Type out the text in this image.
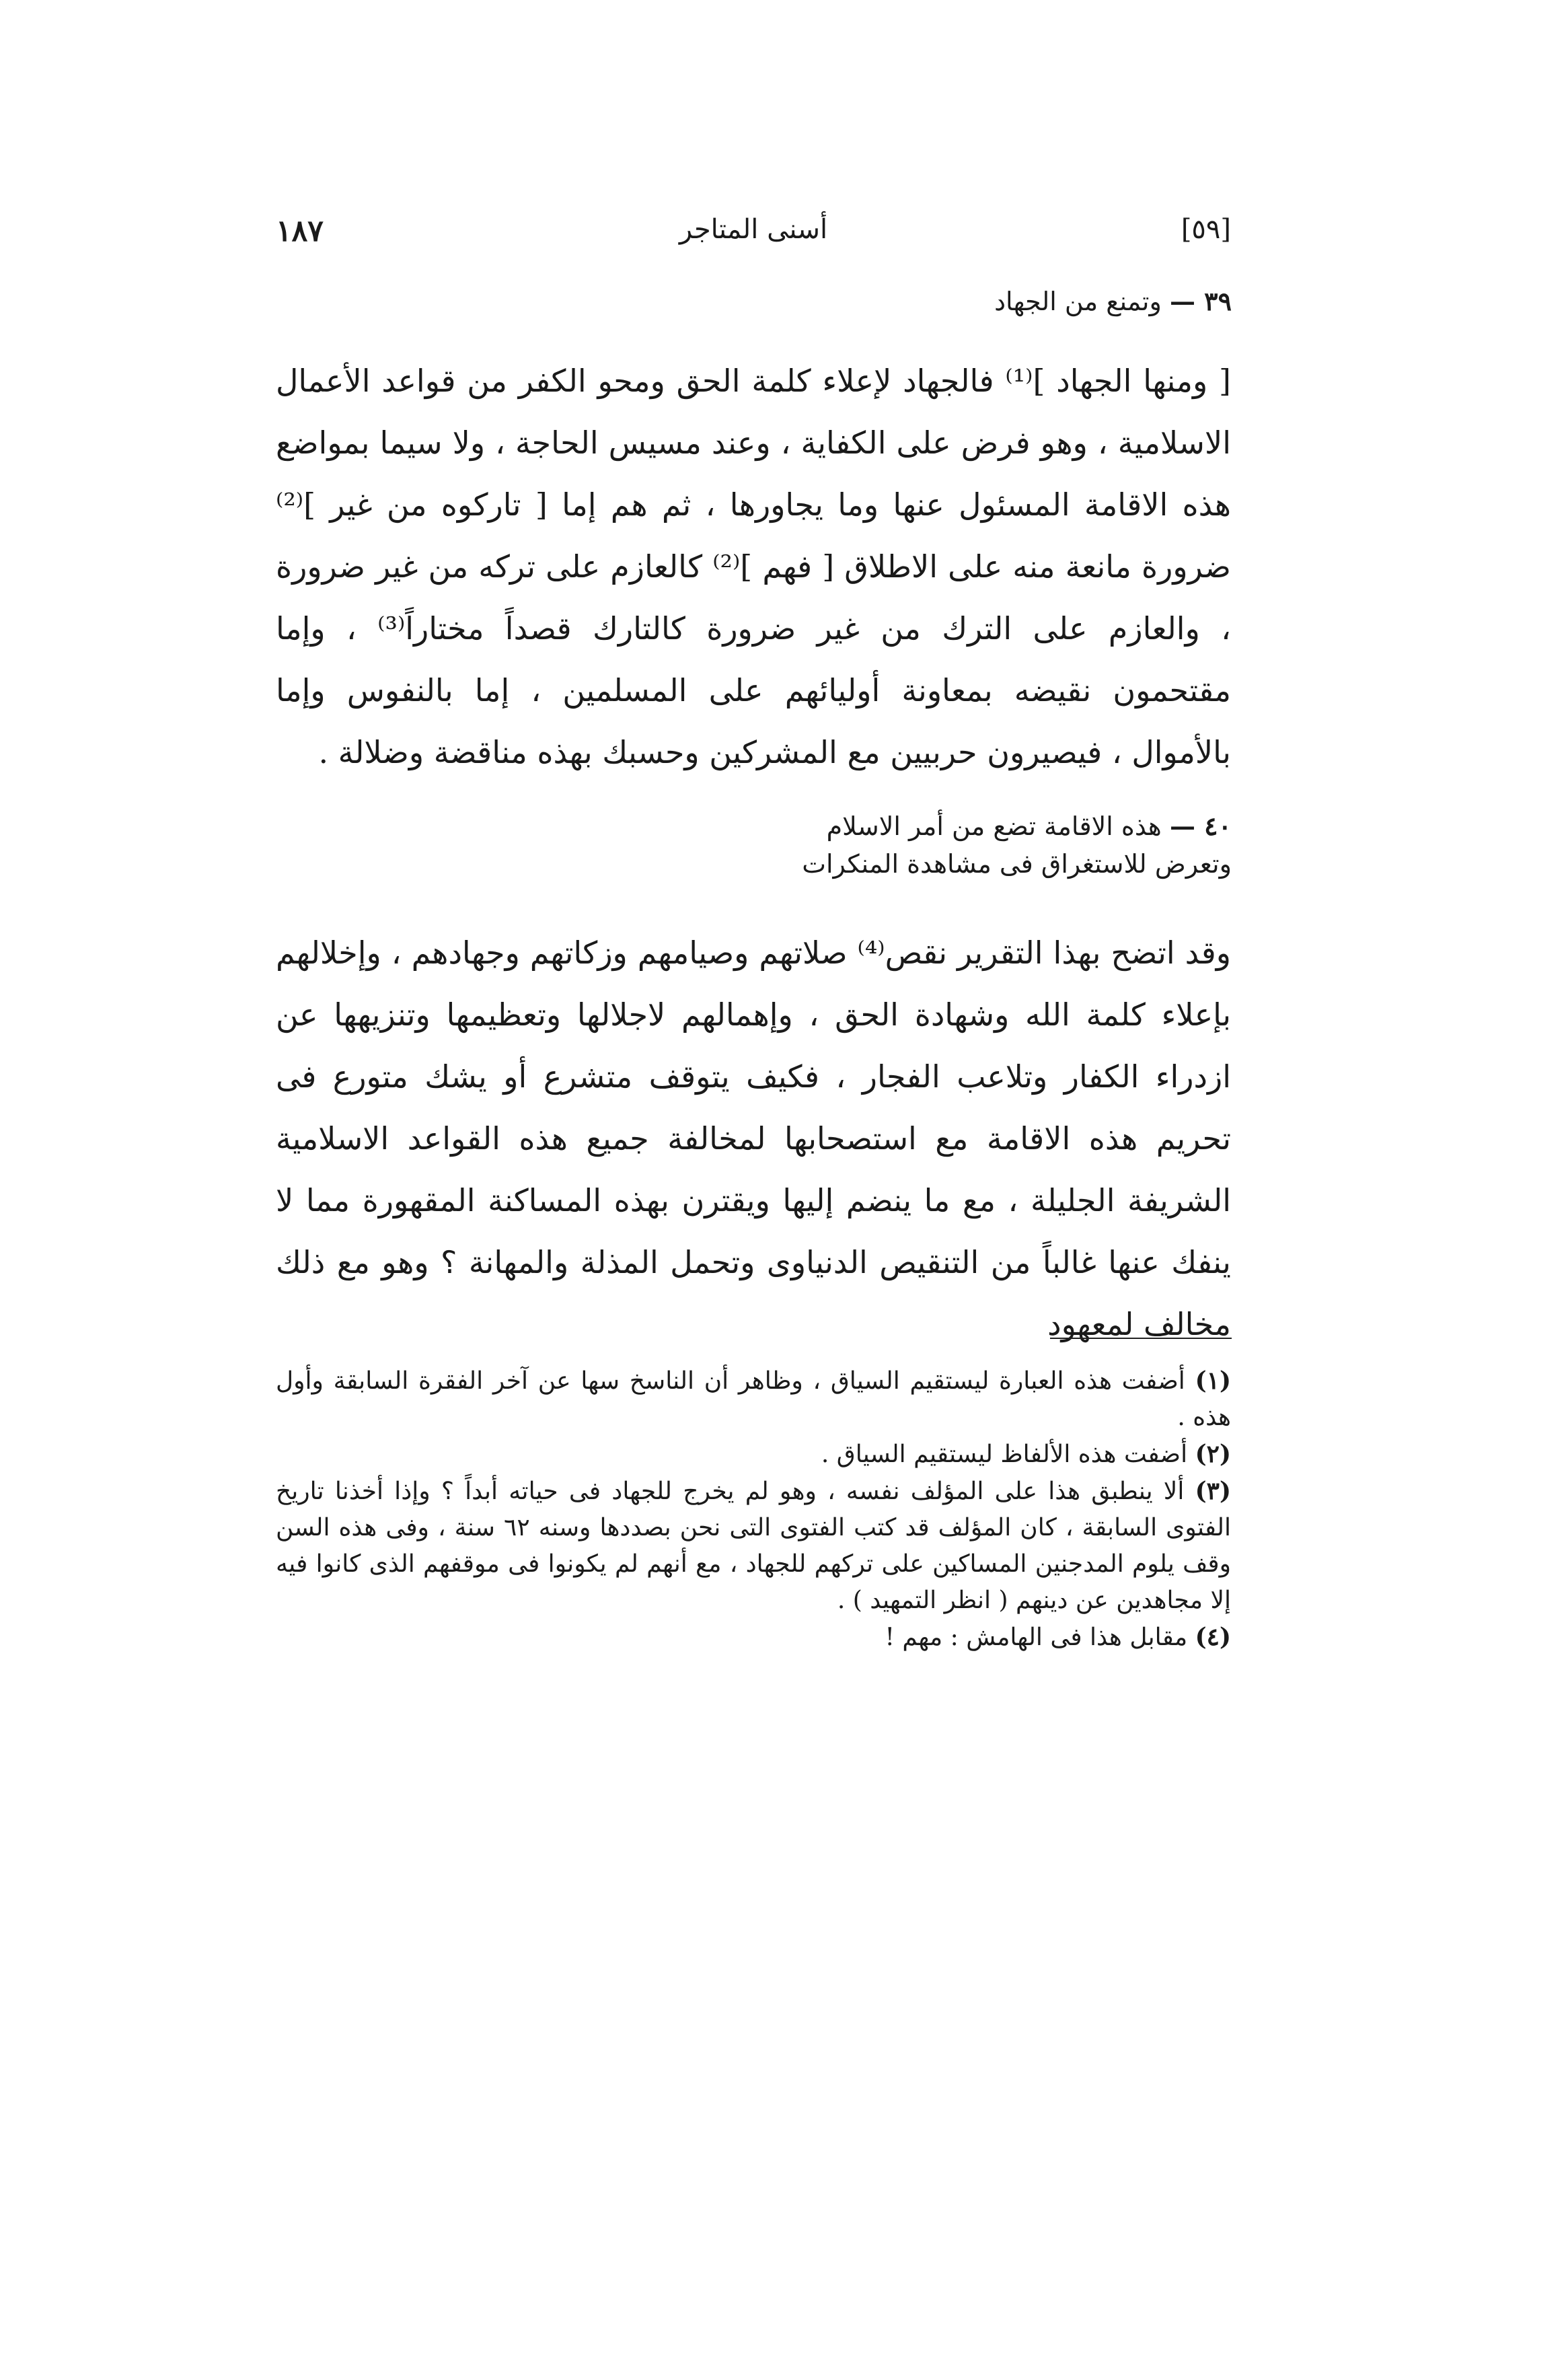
[٥٩]
أسنى المتاجر
١٨٧
٣٩ — وتمنع من الجهاد

[ ومنها الجهاد ]⁽¹⁾ فالجهاد لإعلاء كلمة الحق ومحو الكفر من قواعد الأعمال الاسلامية ، وهو فرض على الكفاية ، وعند مسيس الحاجة ، ولا سيما بمواضع هذه الاقامة المسئول عنها وما يجاورها ، ثم هم إما [ تاركوه من غير ]⁽²⁾ ضرورة مانعة منه على الاطلاق [ فهم ]⁽²⁾ كالعازم على تركه من غير ضرورة ، والعازم على الترك من غير ضرورة كالتارك قصداً مختاراً⁽³⁾ ، وإما مقتحمون نقيضه بمعاونة أوليائهم على المسلمين ، إما بالنفوس وإما بالأموال ، فيصيرون حربيين مع المشركين وحسبك بهذه مناقضة وضلالة .

٤٠ — هذه الاقامة تضع من أمر الاسلام
وتعرض للاستغراق فى مشاهدة المنكرات

وقد اتضح بهذا التقرير نقص⁽⁴⁾ صلاتهم وصيامهم وزكاتهم وجهادهم ، وإخلالهم بإعلاء كلمة الله وشهادة الحق ، وإهمالهم لاجلالها وتعظيمها وتنزيهها عن ازدراء الكفار وتلاعب الفجار ، فكيف يتوقف متشرع أو يشك متورع فى تحريم هذه الاقامة مع استصحابها لمخالفة جميع هذه القواعد الاسلامية الشريفة الجليلة ، مع ما ينضم إليها ويقترن بهذه المساكنة المقهورة مما لا ينفك عنها غالباً من التنقيص الدنياوى وتحمل المذلة والمهانة ؟ وهو مع ذلك مخالف لمعهود

(١) أضفت هذه العبارة ليستقيم السياق ، وظاهر أن الناسخ سها عن آخر الفقرة السابقة وأول هذه .

(٢) أضفت هذه الألفاظ ليستقيم السياق .

(٣) ألا ينطبق هذا على المؤلف نفسه ، وهو لم يخرج للجهاد فى حياته أبداً ؟ وإذا أخذنا تاريخ الفتوى السابقة ، كان المؤلف قد كتب الفتوى التى نحن بصددها وسنه ٦٢ سنة ، وفى هذه السن وقف يلوم المدجنين المساكين على تركهم للجهاد ، مع أنهم لم يكونوا فى موقفهم الذى كانوا فيه إلا مجاهدين عن دينهم ( انظر التمهيد ) .

(٤) مقابل هذا فى الهامش : مهم !
